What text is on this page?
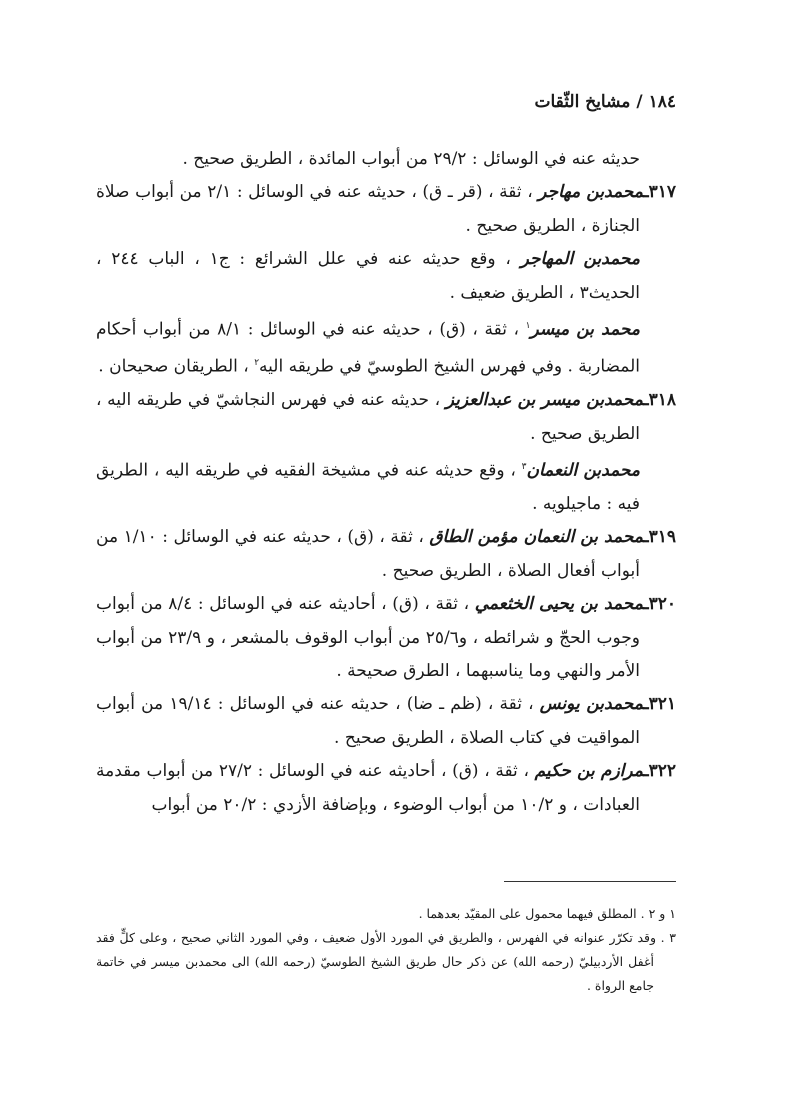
١٨٤
/
مشايخ الثّقات

حديثه عنه في الوسائل : ٢٩/٢ من أبواب المائدة ، الطريق صحيح .

٣١٧ـمحمدبن مهاجر ، ثقة ، (قر ـ ق) ، حديثه عنه في الوسائل : ٢/١ من أبواب صلاة الجنازة ، الطريق صحيح .

محمدبن المهاجر ، وقع حديثه عنه في علل الشرائع : ج١ ، الباب ٢٤٤ ، الحديث٣ ، الطريق ضعيف .

محمد بن ميسر$^١$ ، ثقة ، (ق) ، حديثه عنه في الوسائل : ٨/١ من أبواب أحكام المضاربة . وفي فهرس الشيخ الطوسيّ في طريقه اليه$^٢$ ، الطريقان صحيحان .

٣١٨ـمحمدبن ميسر بن عبدالعزيز ، حديثه عنه في فهرس النجاشيّ في طريقه اليه ، الطريق صحيح .

محمدبن النعمان$^٣$ ، وقع حديثه عنه في مشيخة الفقيه في طريقه اليه ، الطريق فيه : ماجيلويه .

٣١٩ـمحمد بن النعمان مؤمن الطاق ، ثقة ، (ق) ، حديثه عنه في الوسائل : ١/١٠ من أبواب أفعال الصلاة ، الطريق صحيح .

٣٢٠ـمحمد بن يحيى الخثعمي ، ثقة ، (ق) ، أحاديثه عنه في الوسائل : ٨/٤ من أبواب وجوب الحجّ و شرائطه ، و٢٥/٦ من أبواب الوقوف بالمشعر ، و ٢٣/٩ من أبواب الأمر والنهي وما يناسبهما ، الطرق صحيحة .

٣٢١ـمحمدبن يونس ، ثقة ، (ظم ـ ضا) ، حديثه عنه في الوسائل : ١٩/١٤ من أبواب المواقيت في كتاب الصلاة ، الطريق صحيح .

٣٢٢ـمرازم بن حكيم ، ثقة ، (ق) ، أحاديثه عنه في الوسائل : ٢٧/٢ من أبواب مقدمة العبادات ، و ١٠/٢ من أبواب الوضوء ، وبإضافة الأزدي : ٢٠/٢ من أبواب

١ و ٢ . المطلق فيهما محمول على المقيّد بعدهما .

٣ . وقد تكرّر عنوانه في الفهرس ، والطريق في المورد الأول ضعيف ، وفي المورد الثاني صحيح ، وعلى كلٍّ فقد أغفل الأردبيليّ (رحمه الله) عن ذكر حال طريق الشيخ الطوسيّ (رحمه الله) الى محمدبن ميسر في خاتمة جامع الرواة .
